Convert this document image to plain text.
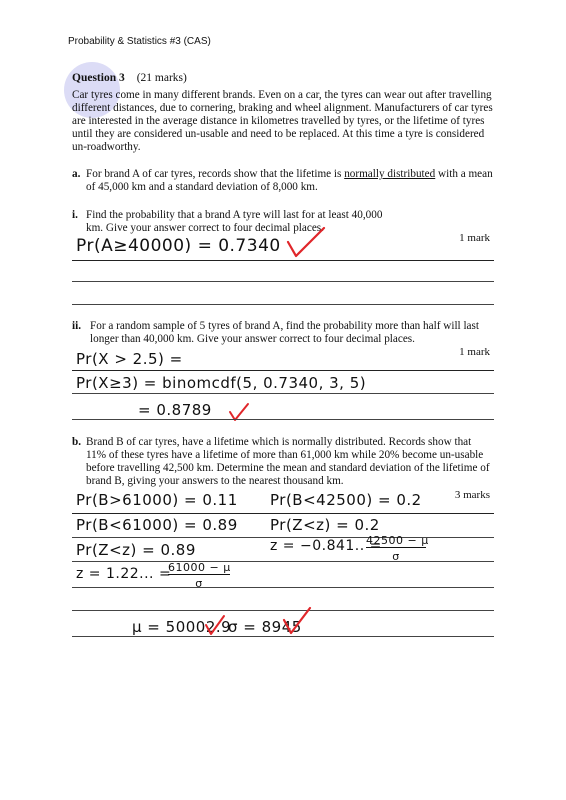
Probability & Statistics #3 (CAS)
Question 3 (21 marks)
Car tyres come in many different brands. Even on a car, the tyres can wear out after travelling different distances, due to cornering, braking and wheel alignment. Manufacturers of car tyres are interested in the average distance in kilometres travelled by tyres, or the lifetime of tyres until they are considered un-usable and need to be replaced. At this time a tyre is considered un-roadworthy.
a. For brand A of car tyres, records show that the lifetime is normally distributed with a mean of 45,000 km and a standard deviation of 8,000 km.
i. Find the probability that a brand A tyre will last for at least 40,000 km. Give your answer correct to four decimal places.
1 mark
Pr(A≥40000) = 0.7340
ii. For a random sample of 5 tyres of brand A, find the probability more than half will last longer than 40,000 km. Give your answer correct to four decimal places.
1 mark
Pr(X > 2.5) =
Pr(X≥3) = binomcdf(5, 0.7340, 3, 5)
= 0.8789
b. Brand B of car tyres, have a lifetime which is normally distributed. Records show that 11% of these tyres have a lifetime of more than 61,000 km while 20% become un-usable before travelling 42,500 km. Determine the mean and standard deviation of the lifetime of brand B, giving your answers to the nearest thousand km.
3 marks
Pr(B>61000) = 0.11 Pr(B<42500) = 0.2
Pr(B<61000) = 0.89 Pr(Z<z) = 0.2
Pr(Z<z) = 0.89	z = −0.841.. =
42500 − μ
σ
z = 1.22... =
61000 − μ
σ
μ = 50002.9
σ = 8945
